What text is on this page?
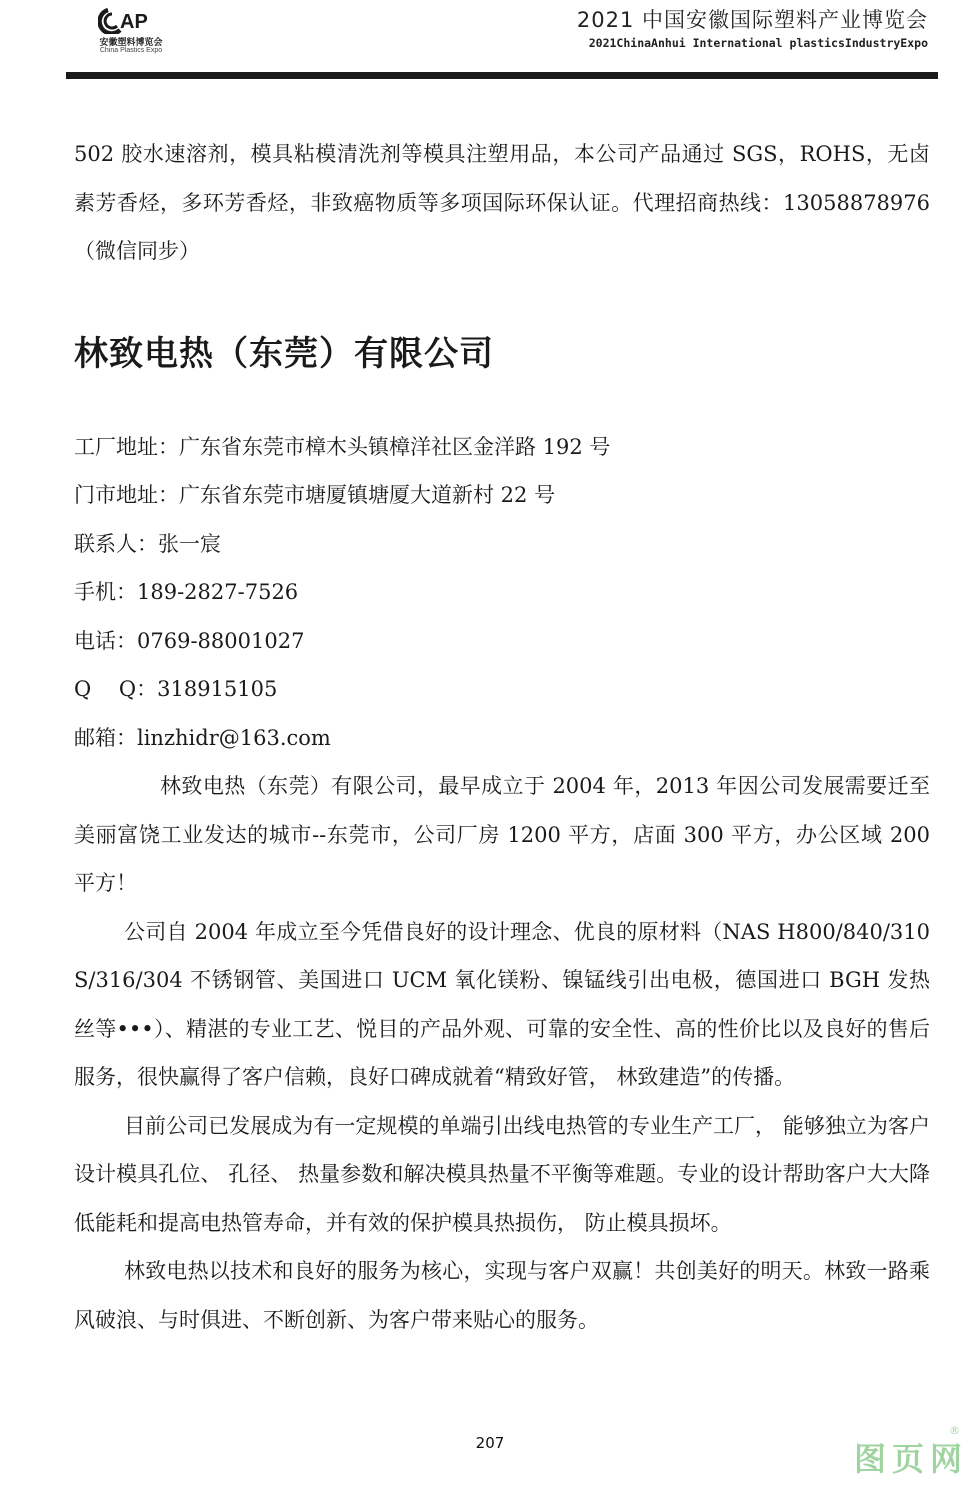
AP
安徽塑料博览会
China Plastics Expo
2021 中国安徽国际塑料产业博览会
2021ChinaAnhui International plasticsIndustryExpo

502 胶水速溶剂，模具粘模清洗剂等模具注塑用品，本公司产品通过 SGS，ROHS，无卤素芳香烃，多环芳香烃，非致癌物质等多项国际环保认证。代理招商热线：13058878976（微信同步）

林致电热（东莞）有限公司
工厂地址：广东省东莞市樟木头镇樟洋社区金洋路 192 号
门市地址：广东省东莞市塘厦镇塘厦大道新村 22 号
联系人：张一宸
手机：189-2827-7526
电话：0769-88001027
Q　 Q：318915105
邮箱：linzhidr@163.com

林致电热（东莞）有限公司，最早成立于 2004 年，2013 年因公司发展需要迁至美丽富饶工业发达的城市--东莞市，公司厂房 1200 平方，店面 300 平方，办公区域 200 平方！

公司自 2004 年成立至今凭借良好的设计理念、优良的原材料（NAS H800/840/310S/316/304 不锈钢管、美国进口 UCM 氧化镁粉、镍锰线引出电极，德国进口 BGH 发热丝等•••）、精湛的专业工艺、悦目的产品外观、可靠的安全性、高的性价比以及良好的售后服务，很快赢得了客户信赖，良好口碑成就着“精致好管， 林致建造”的传播。

目前公司已发展成为有一定规模的单端引出线电热管的专业生产工厂， 能够独立为客户设计模具孔位、 孔径、 热量参数和解决模具热量不平衡等难题。专业的设计帮助客户大大降低能耗和提高电热管寿命，并有效的保护模具热损伤， 防止模具损坏。

林致电热以技术和良好的服务为核心，实现与客户双赢！共创美好的明天。林致一路乘风破浪、与时俱进、不断创新、为客户带来贴心的服务。

207	图页网
®
